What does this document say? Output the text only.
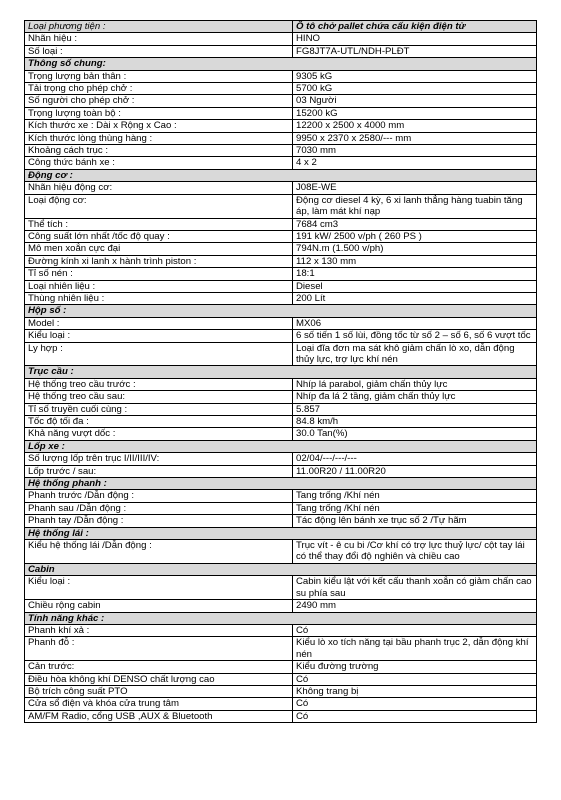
Loại phương tiện :	Ô tô chở pallet chứa cấu kiện điện tử
Nhãn hiệu :	HINO
Số loại :	FG8JT7A-UTL/NDH-PLĐT
Thông số chung:	
Trọng lượng bản thân :	9305 kG
Tải trọng cho phép chở :	5700 kG
Số người cho phép chở :	03 Người
Trọng lượng toàn bộ :	15200 kG
Kích thước xe : Dài x Rộng x Cao :	12200 x 2500 x 4000 mm
Kích thước lòng thùng hàng :	9950 x 2370 x 2580/--- mm
Khoảng cách trục :	7030 mm
Công thức bánh xe :	4 x 2
Động cơ :	
Nhãn hiệu động cơ:	J08E-WE
Loại động cơ:	Động cơ diesel 4 kỳ, 6 xi lanh thẳng hàng tuabin tăng áp, làm mát khí nạp
Thể tích :	7684 cm3
Công suất lớn nhất /tốc độ quay :	191 kW/ 2500 v/ph ( 260 PS )
Mô men xoắn cực đại	794N.m (1.500 v/ph)
Đường kính xi lanh x hành trình piston :	112 x 130 mm
Tỉ số nén :	18:1
Loại nhiên liệu :	Diesel
Thùng nhiên liệu :	200 Lít
Hộp số :	
Model :	MX06
Kiểu loại :	6 số tiến 1 số lùi, đồng tốc từ số 2 – số 6, số 6 vượt tốc
Ly hợp :	Loại đĩa đơn ma sát khô giảm chấn lò xo, dẫn động thủy lực, trợ lực khí nén
Trục cầu :	
Hệ thống treo cầu trước :	Nhíp lá parabol, giảm chấn thủy lực
Hệ thống treo cầu sau:	Nhíp đa lá 2 tầng, giảm chấn thủy lực
Tỉ số truyền cuối cùng :	5.857
Tốc độ tối đa :	84.8 km/h
Khả năng vượt dốc :	30.0 Tan(%)
Lốp xe :	
Số lượng lốp trên trục I/II/III/IV:	02/04/---/---/---
Lốp trước / sau:	11.00R20 / 11.00R20
Hệ thống phanh :	
Phanh trước /Dẫn động :	Tang trống /Khí nén
Phanh sau /Dẫn động :	Tang trống /Khí nén
Phanh tay /Dẫn động :	Tác động lên bánh xe trục số 2 /Tự hãm
Hệ thống lái :	
Kiểu hệ thống lái /Dẫn động :	Trục vít - ê cu bi /Cơ khí có trợ lực thuỷ lực/ cột tay lái có thể thay đổi độ nghiên và chiều cao
Cabin	
Kiểu loại :	Cabin kiểu lật với kết cấu thanh xoắn có giảm chấn cao su phía sau
Chiều rộng cabin	2490 mm
Tính năng khác :	
Phanh khí xả :	Có
Phanh đỗ :	Kiểu lò xo tích năng tại bầu phanh trục 2, dẫn động khí nén
Cản trước:	Kiểu đường trường
Điều hòa không khí DENSO chất lượng cao	Có
Bộ trích công suất PTO	Không trang bị
Cửa sổ điện và khóa cửa trung tâm	Có
AM/FM Radio, cổng USB ,AUX & Bluetooth	Có
